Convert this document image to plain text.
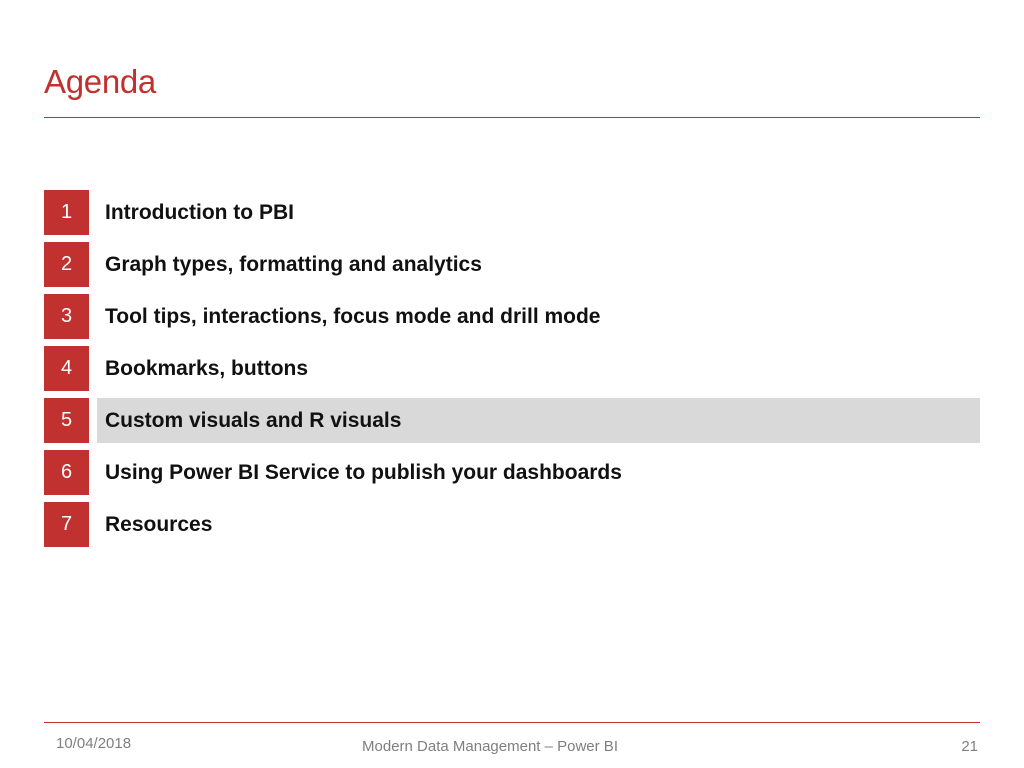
Agenda
1	Introduction to PBI
2	Graph types, formatting and analytics
3	Tool tips, interactions, focus mode and drill mode
4	Bookmarks, buttons
5	Custom visuals and R visuals
6	Using Power BI Service to publish your dashboards
7	Resources
10/04/2018	Modern Data Management – Power BI	21
